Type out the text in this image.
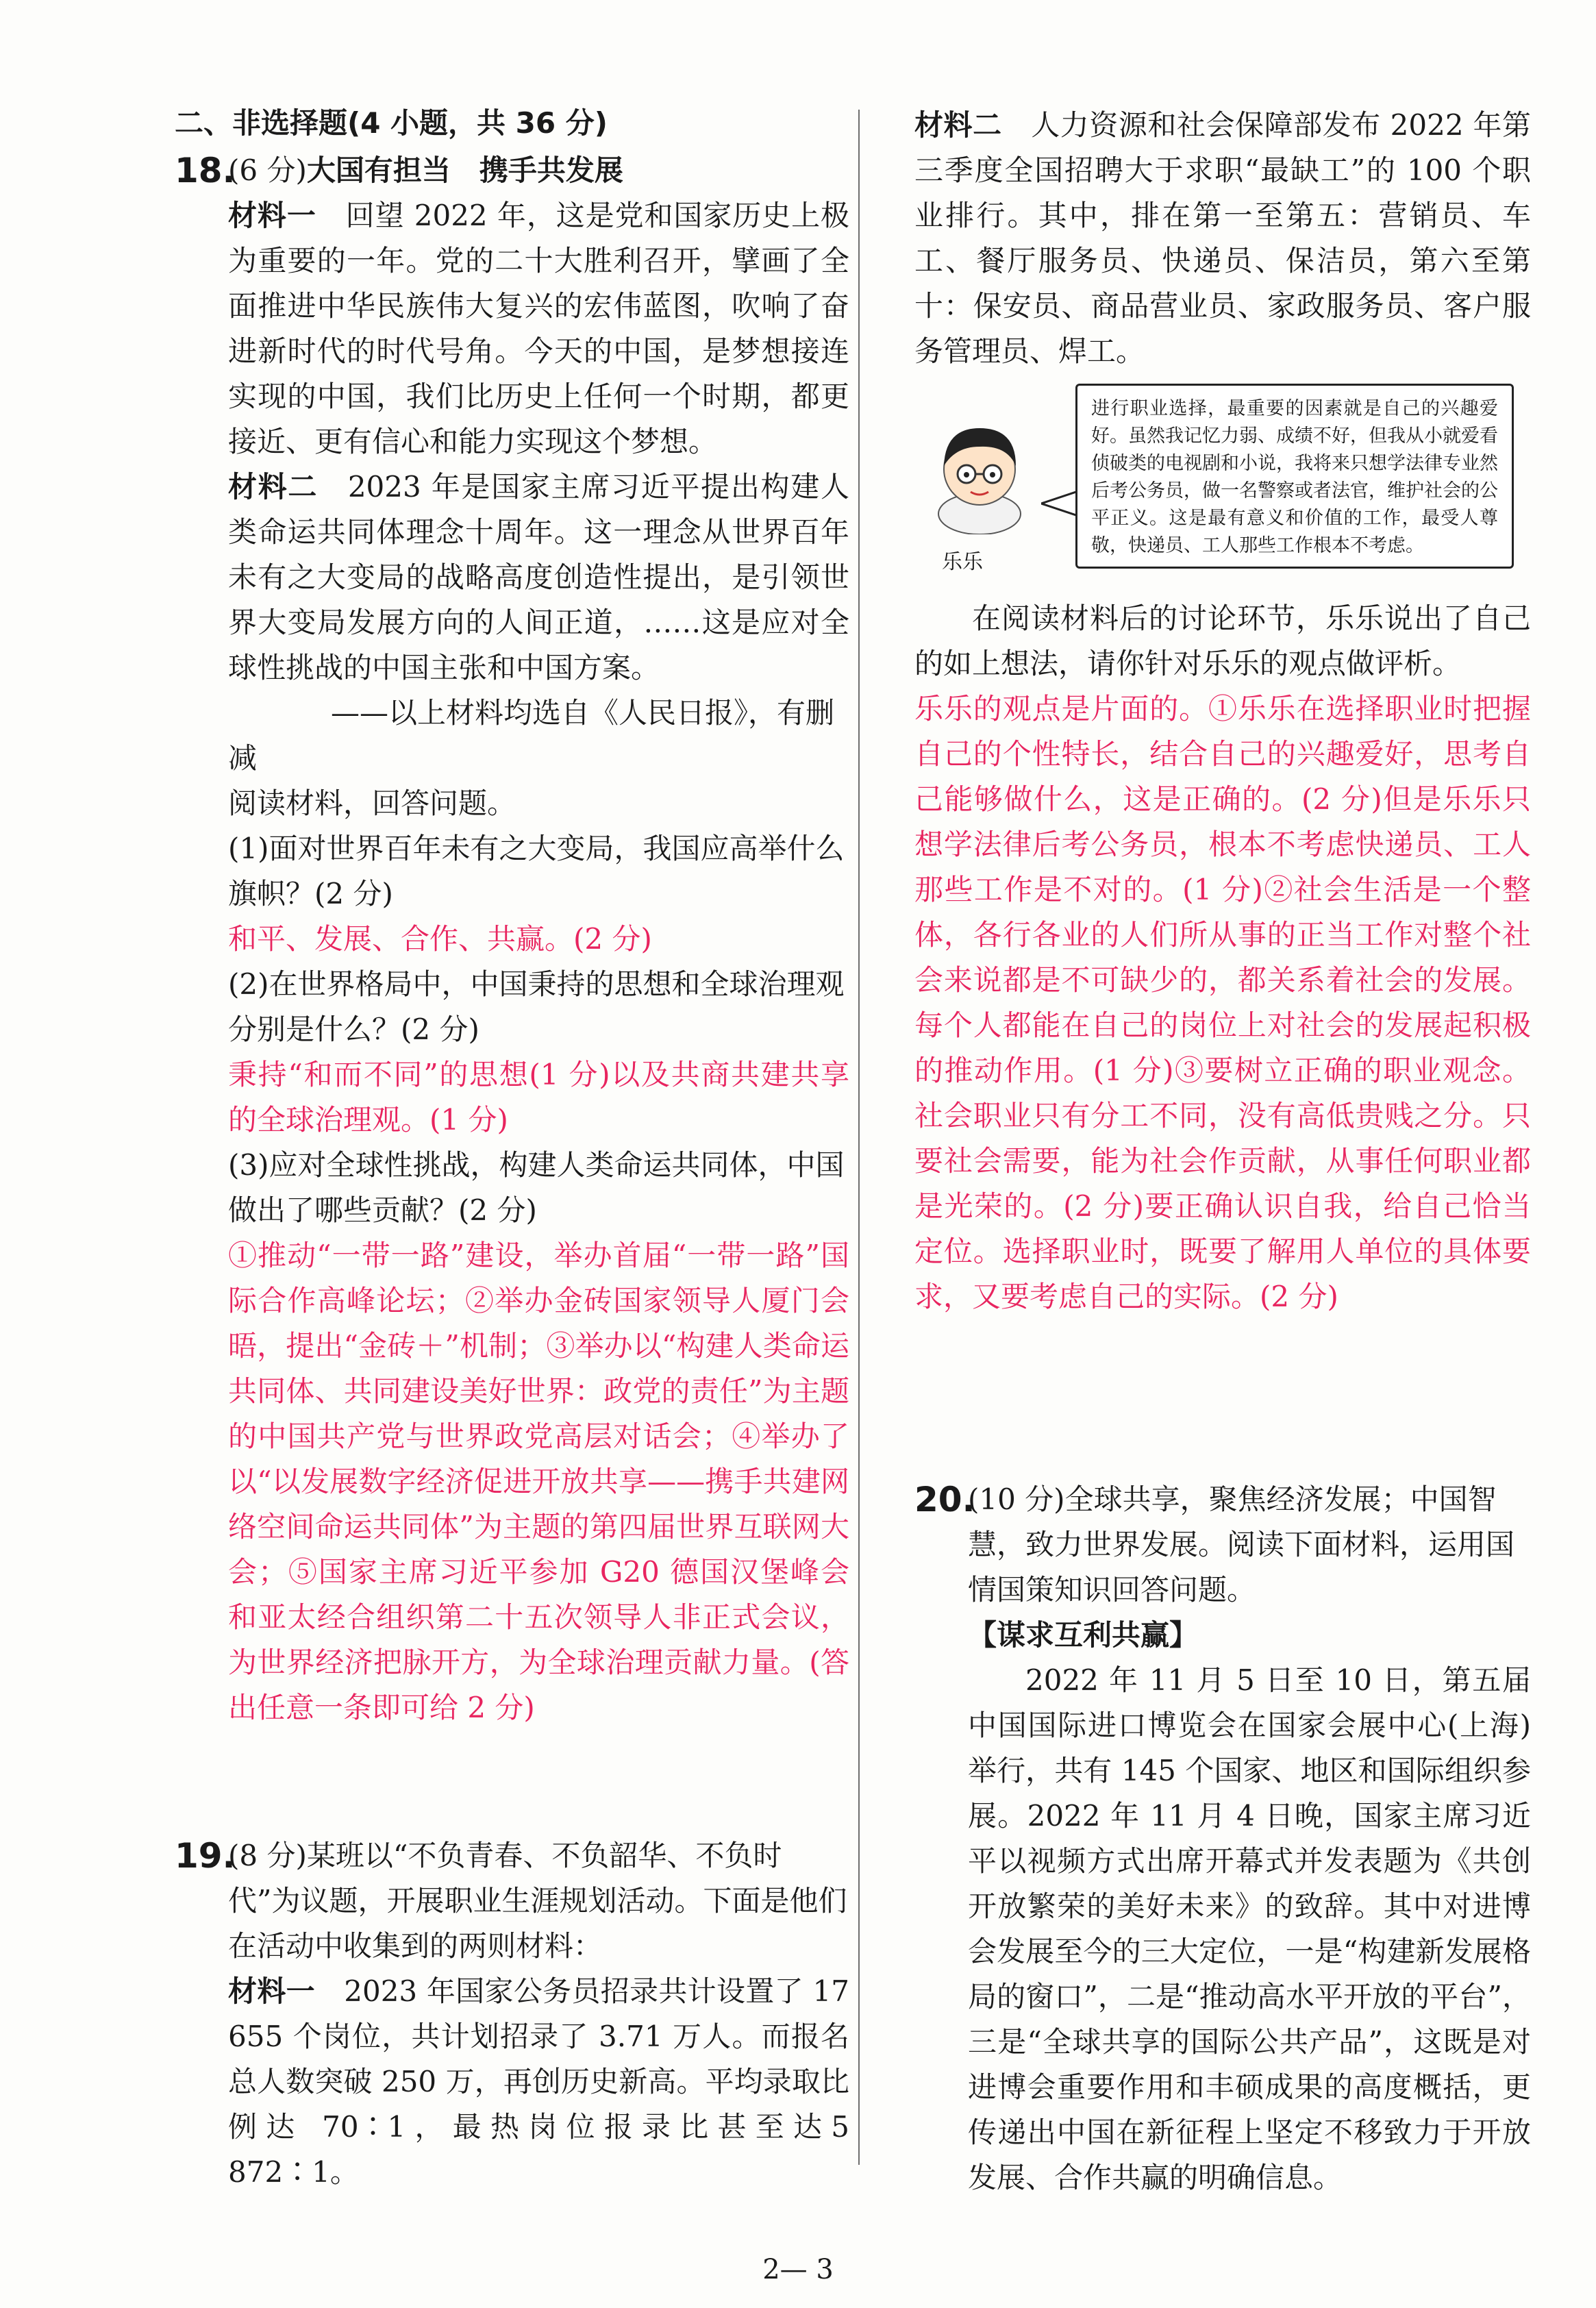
二、非选择题(4 小题，共 36 分)
18.
(6 分)大国有担当　携手共发展

材料一　回望 2022 年，这是党和国家历史上极为重要的一年。党的二十大胜利召开，擘画了全面推进中华民族伟大复兴的宏伟蓝图，吹响了奋进新时代的时代号角。今天的中国，是梦想接连实现的中国，我们比历史上任何一个时期，都更接近、更有信心和能力实现这个梦想。

材料二　2023 年是国家主席习近平提出构建人类命运共同体理念十周年。这一理念从世界百年未有之大变局的战略高度创造性提出，是引领世界大变局发展方向的人间正道，……这是应对全球性挑战的中国主张和中国方案。

——以上材料均选自《人民日报》，有删减
阅读材料，回答问题。
(1)面对世界百年未有之大变局，我国应高举什么旗帜？(2 分)

和平、发展、合作、共赢。(2 分)

(2)在世界格局中，中国秉持的思想和全球治理观分别是什么？(2 分)

秉持“和而不同”的思想(1 分)以及共商共建共享的全球治理观。(1 分)

(3)应对全球性挑战，构建人类命运共同体，中国做出了哪些贡献？(2 分)

①推动“一带一路”建设，举办首届“一带一路”国际合作高峰论坛；②举办金砖国家领导人厦门会晤，提出“金砖＋”机制；③举办以“构建人类命运共同体、共同建设美好世界：政党的责任”为主题的中国共产党与世界政党高层对话会；④举办了以“以发展数字经济促进开放共享——携手共建网络空间命运共同体”为主题的第四届世界互联网大会；⑤国家主席习近平参加 G20 德国汉堡峰会和亚太经合组织第二十五次领导人非正式会议，为世界经济把脉开方，为全球治理贡献力量。(答出任意一条即可给 2 分)

19.
(8 分)某班以“不负青春、不负韶华、不负时代”为议题，开展职业生涯规划活动。下面是他们在活动中收集到的两则材料：

材料一　2023 年国家公务员招录共计设置了 17 655 个岗位，共计划招录了 3.71 万人。而报名总人数突破 250 万，再创历史新高。平均录取比例达 70∶1，最热岗位报录比甚至达5 872∶1。

材料二　人力资源和社会保障部发布 2022 年第三季度全国招聘大于求职“最缺工”的 100 个职业排行。其中，排在第一至第五：营销员、车工、餐厅服务员、快递员、保洁员，第六至第十：保安员、商品营业员、家政服务员、客户服务管理员、焊工。

进行职业选择，最重要的因素就是自己的兴趣爱好。虽然我记忆力弱、成绩不好，但我从小就爱看侦破类的电视剧和小说，我将来只想学法律专业然后考公务员，做一名警察或者法官，维护社会的公平正义。这是最有意义和价值的工作，最受人尊敬，快递员、工人那些工作根本不考虑。
乐乐

在阅读材料后的讨论环节，乐乐说出了自己的如上想法，请你针对乐乐的观点做评析。

乐乐的观点是片面的。①乐乐在选择职业时把握自己的个性特长，结合自己的兴趣爱好，思考自己能够做什么，这是正确的。(2 分)但是乐乐只想学法律后考公务员，根本不考虑快递员、工人那些工作是不对的。(1 分)②社会生活是一个整体，各行各业的人们所从事的正当工作对整个社会来说都是不可缺少的，都关系着社会的发展。每个人都能在自己的岗位上对社会的发展起积极的推动作用。(1 分)③要树立正确的职业观念。社会职业只有分工不同，没有高低贵贱之分。只要社会需要，能为社会作贡献，从事任何职业都是光荣的。(2 分)要正确认识自我，给自己恰当定位。选择职业时，既要了解用人单位的具体要求，又要考虑自己的实际。(2 分)

20.
(10 分)全球共享，聚焦经济发展；中国智慧，致力世界发展。阅读下面材料，运用国情国策知识回答问题。
【谋求互利共赢】

2022 年 11 月 5 日至 10 日，第五届中国国际进口博览会在国家会展中心(上海)举行，共有 145 个国家、地区和国际组织参展。2022 年 11 月 4 日晚，国家主席习近平以视频方式出席开幕式并发表题为《共创开放繁荣的美好未来》的致辞。其中对进博会发展至今的三大定位，一是“构建新发展格局的窗口”，二是“推动高水平开放的平台”，三是“全球共享的国际公共产品”，这既是对进博会重要作用和丰硕成果的高度概括，更传递出中国在新征程上坚定不移致力于开放发展、合作共赢的明确信息。

2— 3
